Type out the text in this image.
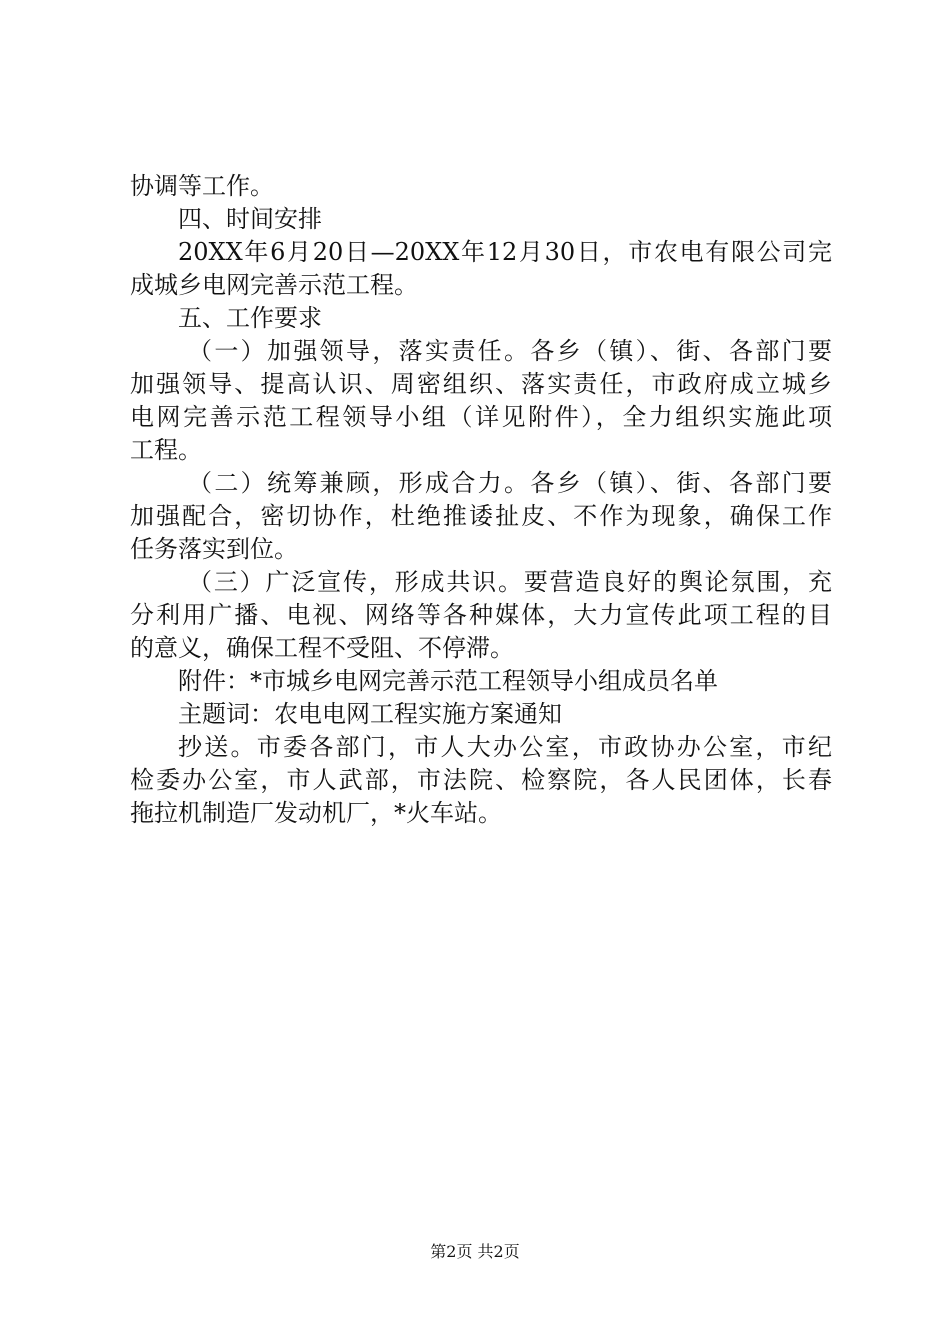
协调等工作。
四、时间安排
20XX年6月20日—20XX年12月30日，市农电有限公司完
成城乡电网完善示范工程。
五、工作要求
（一）加强领导，落实责任。各乡（镇）、街、各部门要
加强领导、提高认识、周密组织、落实责任，市政府成立城乡
电网完善示范工程领导小组（详见附件），全力组织实施此项
工程。
（二）统筹兼顾，形成合力。各乡（镇）、街、各部门要
加强配合，密切协作，杜绝推诿扯皮、不作为现象，确保工作
任务落实到位。
（三）广泛宣传，形成共识。要营造良好的舆论氛围，充
分利用广播、电视、网络等各种媒体，大力宣传此项工程的目
的意义，确保工程不受阻、不停滞。
附件：*市城乡电网完善示范工程领导小组成员名单
主题词：农电电网工程实施方案通知
抄送。市委各部门，市人大办公室，市政协办公室，市纪
检委办公室，市人武部，市法院、检察院，各人民团体，长春
拖拉机制造厂发动机厂，*火车站。
第2页 共2页
